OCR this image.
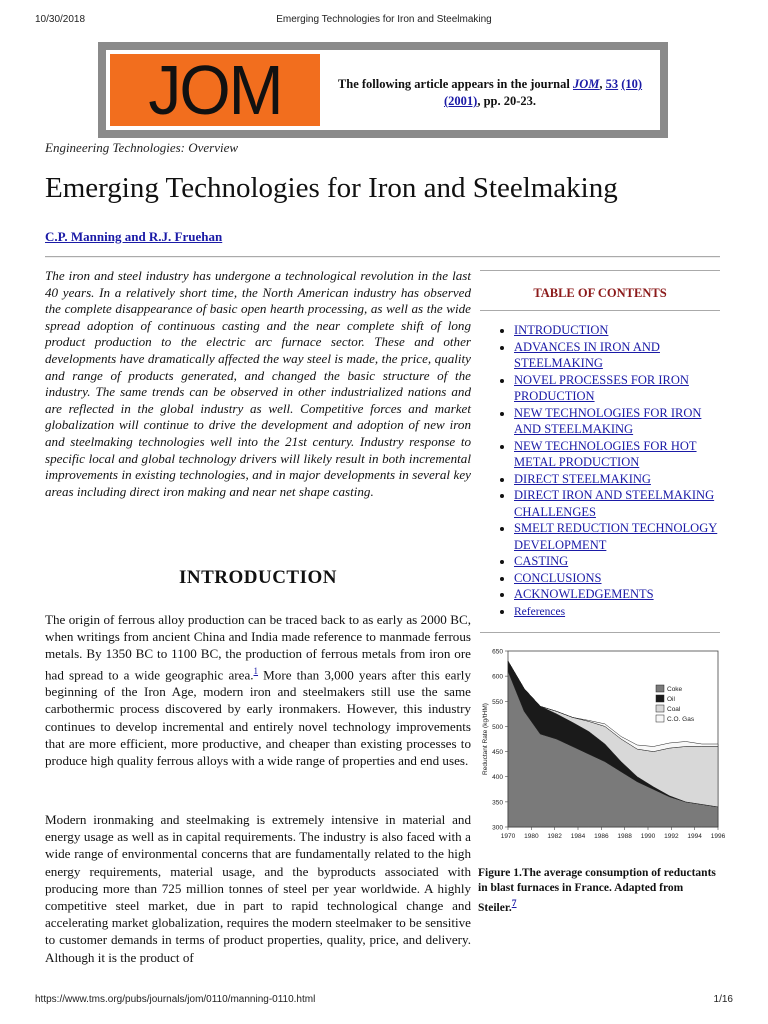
10/30/2018	Emerging Technologies for Iron and Steelmaking
JOM	The following article appears in the journal JOM, 53 (10)
(2001), pp. 20-23.
Engineering Technologies: Overview
Emerging Technologies for Iron and Steelmaking
C.P. Manning and R.J. Fruehan
The iron and steel industry has undergone a technological revolution in the last 40 years. In a relatively short time, the North American industry has observed the complete disappearance of basic open hearth processing, as well as the wide spread adoption of continuous casting and the near complete shift of long product production to the electric arc furnace sector. These and other developments have dramatically affected the way steel is made, the price, quality and range of products generated, and changed the basic structure of the industry. The same trends can be observed in other industrialized nations and are reflected in the global industry as well. Competitive forces and market globalization will continue to drive the development and adoption of new iron and steelmaking technologies well into the 21st century. Industry response to specific local and global technology drivers will likely result in both incremental improvements in existing technologies, and in major developments in several key areas including direct iron making and near net shape casting.
INTRODUCTION
The origin of ferrous alloy production can be traced back to as early as 2000 BC, when writings from ancient China and India made reference to manmade ferrous metals. By 1350 BC to 1100 BC, the production of ferrous metals from iron ore had spread to a wide geographic area.$^1$ More than 3,000 years after this early beginning of the Iron Age, modern iron and steelmakers still use the same carbothermic process discovered by early ironmakers. However, this industry continues to develop incremental and entirely novel technology improvements that are more efficient, more productive, and cheaper than existing processes to produce high quality ferrous alloys with a wide range of properties and end uses.
Modern ironmaking and steelmaking is extremely intensive in material and energy usage as well as in capital requirements. The industry is also faced with a wide range of environmental concerns that are fundamentally related to the high energy requirements, material usage, and the byproducts associated with producing more than 725 million tonnes of steel per year worldwide. A highly competitive steel market, due in part to rapid technological change and accelerating market globalization, requires the modern steelmaker to be sensitive to customer demands in terms of product properties, quality, price, and delivery. Although it is the product of
TABLE OF CONTENTS
• INTRODUCTION
• ADVANCES IN IRON AND STEELMAKING
• NOVEL PROCESSES FOR IRON PRODUCTION
• NEW TECHNOLOGIES FOR IRON AND STEELMAKING
• NEW TECHNOLOGIES FOR HOT METAL PRODUCTION
• DIRECT STEELMAKING
• DIRECT IRON AND STEELMAKING CHALLENGES
• SMELT REDUCTION TECHNOLOGY DEVELOPMENT
• CASTING
• CONCLUSIONS
• ACKNOWLEDGEMENTS
• References
650
600
550
500
450
400
350
300
1970 1980 1982 1984 1986 1988 1990 1992 1994 1996
Reductant Rate (kg/tHM)
Coke
Oil
Coal
C.O. Gas
Figure 1.The average consumption of reductants in blast furnaces in France. Adapted from Steiler.$^7$
https://www.tms.org/pubs/journals/jom/0110/manning-0110.html	1/16
